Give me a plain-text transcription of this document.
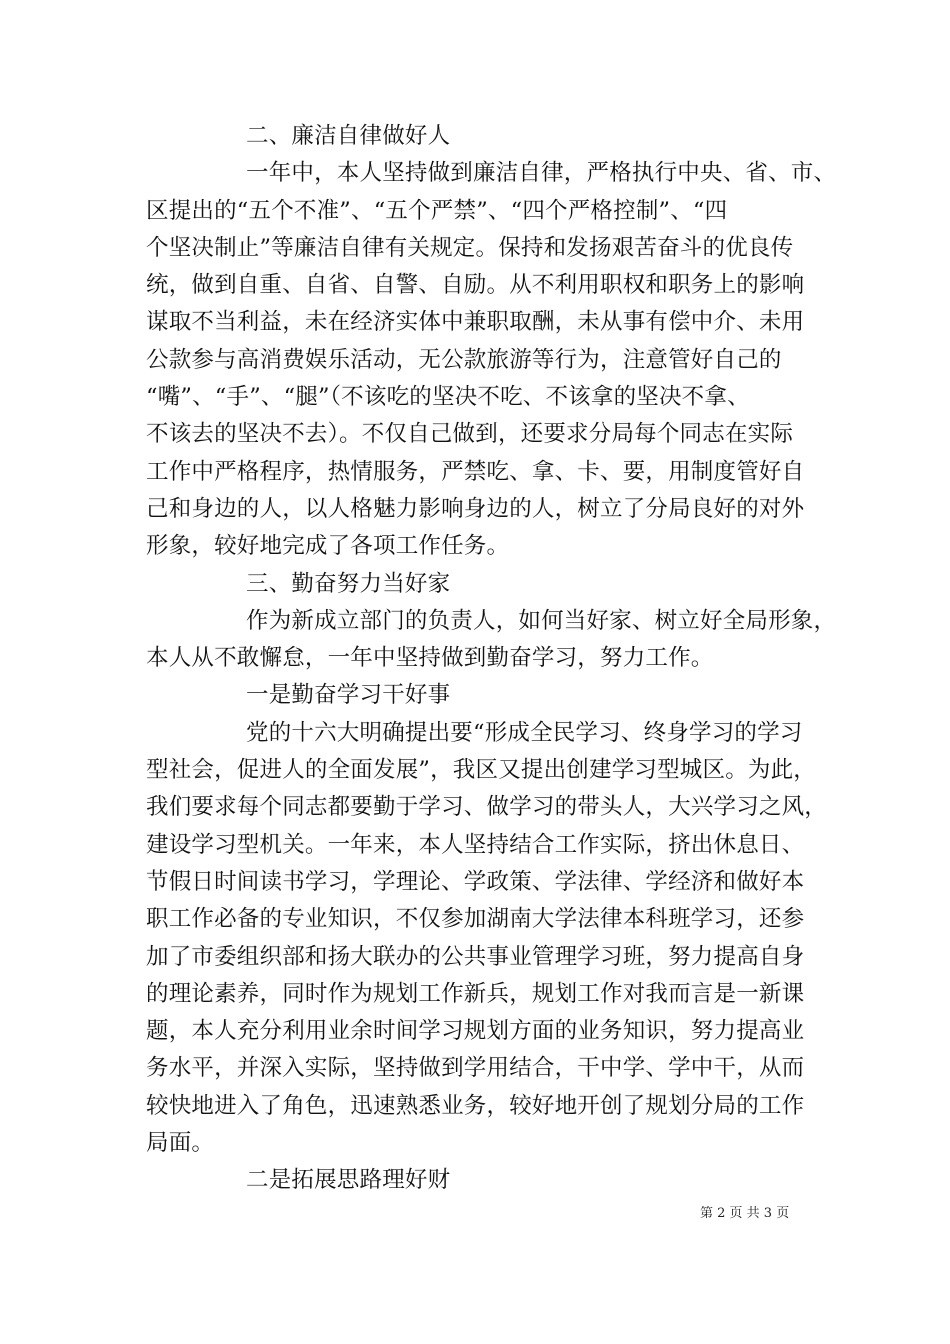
二、廉洁自律做好人
一年中，本人坚持做到廉洁自律，严格执行中央、省、市、
区提出的“五个不准”、“五个严禁”、“四个严格控制”、“四
个坚决制止”等廉洁自律有关规定。保持和发扬艰苦奋斗的优良传
统，做到自重、自省、自警、自励。从不利用职权和职务上的影响
谋取不当利益，未在经济实体中兼职取酬，未从事有偿中介、未用
公款参与高消费娱乐活动，无公款旅游等行为，注意管好自己的
“嘴”、“手”、“腿”（不该吃的坚决不吃、不该拿的坚决不拿、
不该去的坚决不去）。不仅自己做到，还要求分局每个同志在实际
工作中严格程序，热情服务，严禁吃、拿、卡、要，用制度管好自
己和身边的人，以人格魅力影响身边的人，树立了分局良好的对外
形象，较好地完成了各项工作任务。
三、勤奋努力当好家
作为新成立部门的负责人，如何当好家、树立好全局形象，
本人从不敢懈怠，一年中坚持做到勤奋学习，努力工作。
一是勤奋学习干好事
党的十六大明确提出要“形成全民学习、终身学习的学习
型社会，促进人的全面发展”，我区又提出创建学习型城区。为此，
我们要求每个同志都要勤于学习、做学习的带头人，大兴学习之风，
建设学习型机关。一年来，本人坚持结合工作实际，挤出休息日、
节假日时间读书学习，学理论、学政策、学法律、学经济和做好本
职工作必备的专业知识，不仅参加湖南大学法律本科班学习，还参
加了市委组织部和扬大联办的公共事业管理学习班，努力提高自身
的理论素养，同时作为规划工作新兵，规划工作对我而言是一新课
题，本人充分利用业余时间学习规划方面的业务知识，努力提高业
务水平，并深入实际，坚持做到学用结合，干中学、学中干，从而
较快地进入了角色，迅速熟悉业务，较好地开创了规划分局的工作
局面。
二是拓展思路理好财
第 2 页 共 3 页
